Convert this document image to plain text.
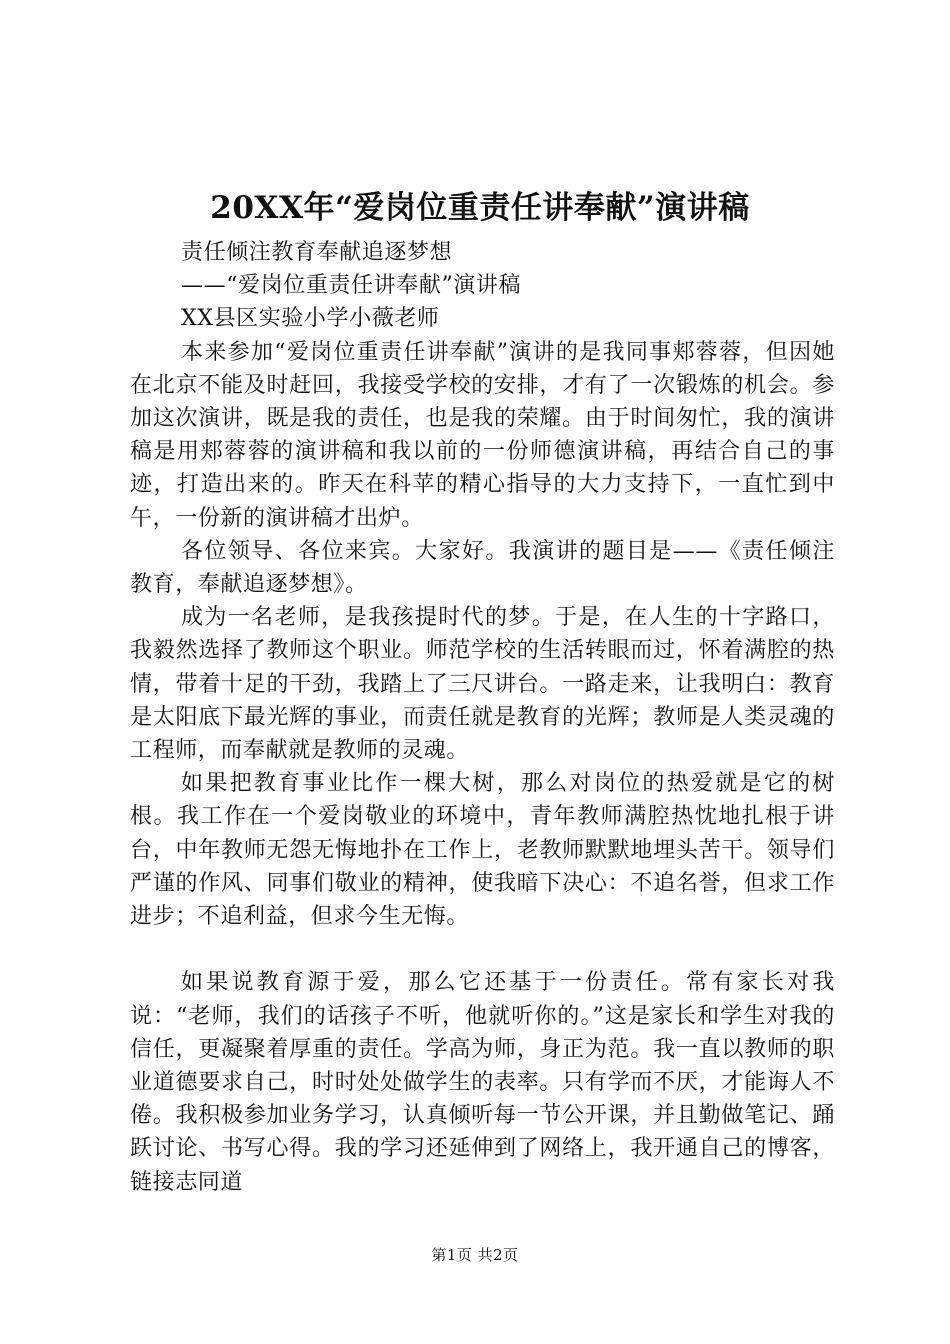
20XX年“爱岗位重责任讲奉献”演讲稿
责任倾注教育奉献追逐梦想
——“爱岗位重责任讲奉献”演讲稿
XX县区实验小学小薇老师

本来参加“爱岗位重责任讲奉献”演讲的是我同事郏蓉蓉，但因她在北京不能及时赶回，我接受学校的安排，才有了一次锻炼的机会。参加这次演讲，既是我的责任，也是我的荣耀。由于时间匆忙，我的演讲稿是用郏蓉蓉的演讲稿和我以前的一份师德演讲稿，再结合自己的事迹，打造出来的。昨天在科苹的精心指导的大力支持下，一直忙到中午，一份新的演讲稿才出炉。

各位领导、各位来宾。大家好。我演讲的题目是——《责任倾注教育，奉献追逐梦想》。

成为一名老师，是我孩提时代的梦。于是，在人生的十字路口，我毅然选择了教师这个职业。师范学校的生活转眼而过，怀着满腔的热情，带着十足的干劲，我踏上了三尺讲台。一路走来，让我明白：教育是太阳底下最光辉的事业，而责任就是教育的光辉；教师是人类灵魂的工程师，而奉献就是教师的灵魂。

如果把教育事业比作一棵大树，那么对岗位的热爱就是它的树根。我工作在一个爱岗敬业的环境中，青年教师满腔热忱地扎根于讲台，中年教师无怨无悔地扑在工作上，老教师默默地埋头苦干。领导们严谨的作风、同事们敬业的精神，使我暗下决心：不追名誉，但求工作进步；不追利益，但求今生无悔。

如果说教育源于爱，那么它还基于一份责任。常有家长对我说：“老师，我们的话孩子不听，他就听你的。”这是家长和学生对我的信任，更凝聚着厚重的责任。学高为师，身正为范。我一直以教师的职业道德要求自己，时时处处做学生的表率。只有学而不厌，才能诲人不倦。我积极参加业务学习，认真倾听每一节公开课，并且勤做笔记、踊跃讨论、书写心得。我的学习还延伸到了网络上，我开通自己的博客，链接志同道

第1页 共2页
